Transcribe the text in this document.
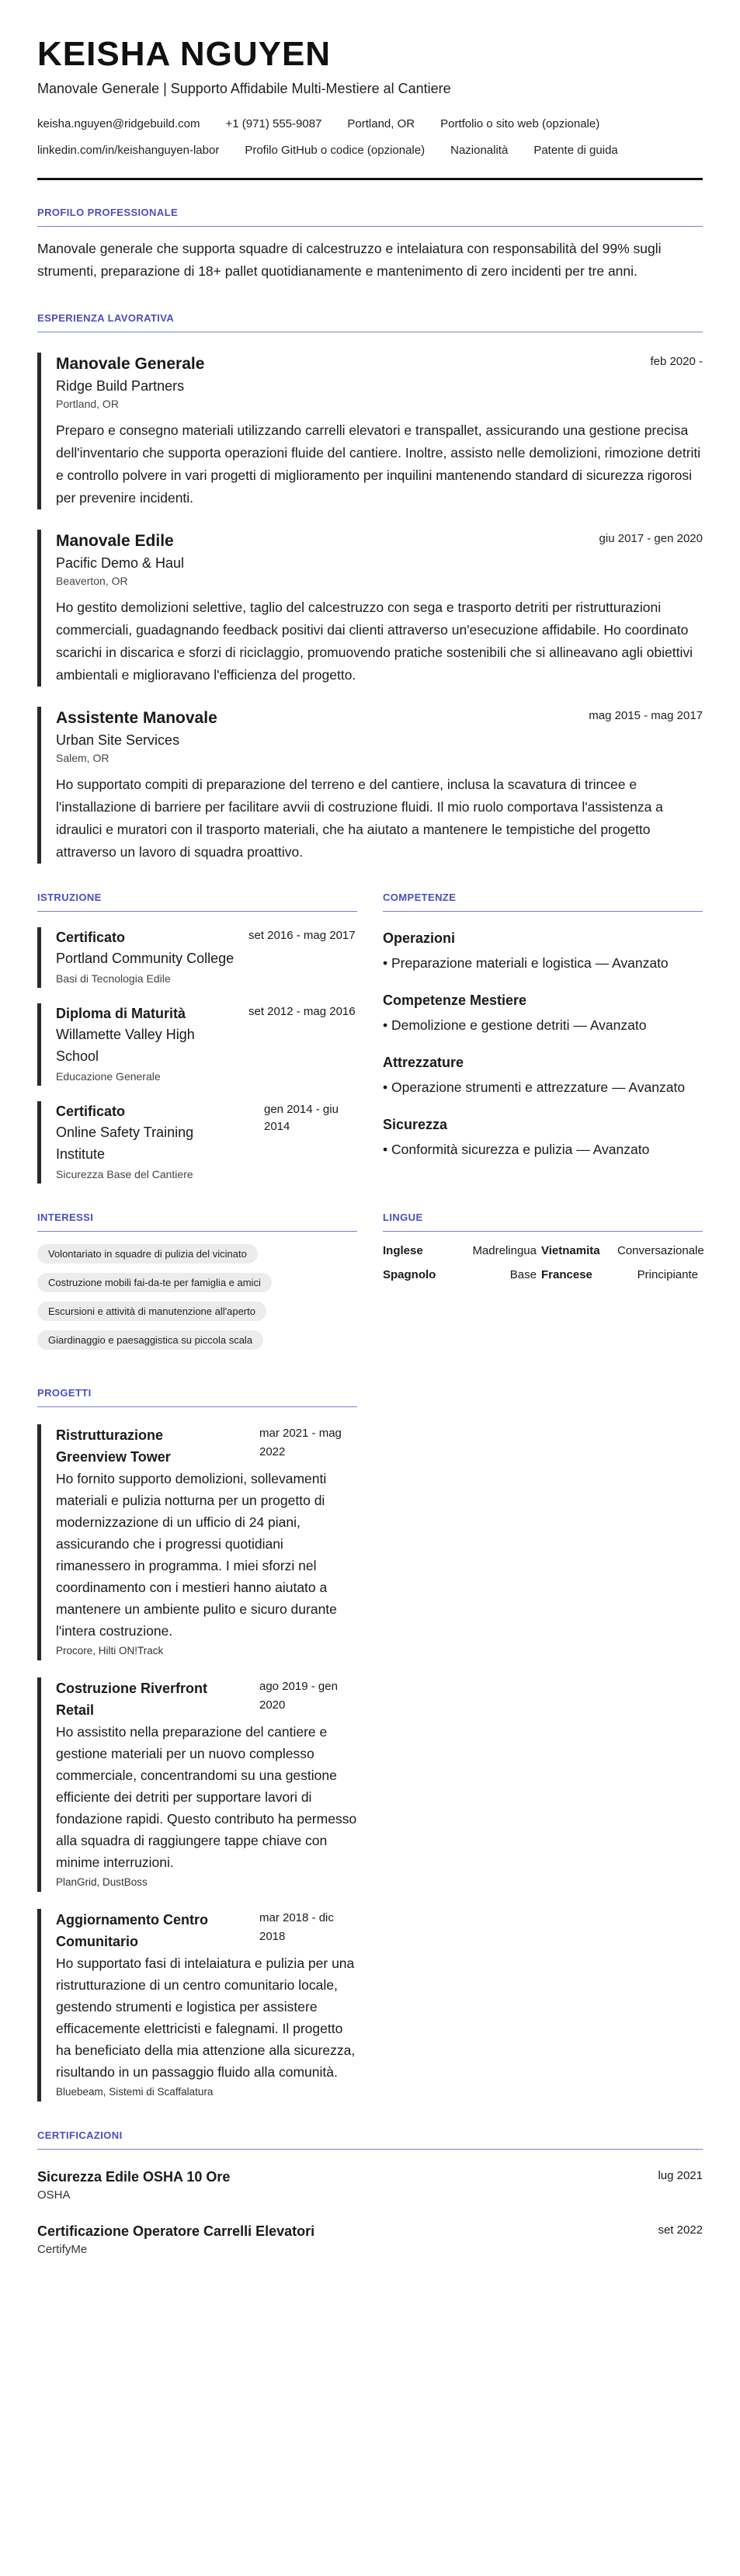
KEISHA NGUYEN
Manovale Generale | Supporto Affidabile Multi-Mestiere al Cantiere
keisha.nguyen@ridgebuild.com +1 (971) 555-9087 Portland, OR Portfolio o sito web (opzionale)
linkedin.com/in/keishanguyen-labor Profilo GitHub o codice (opzionale) Nazionalità Patente di guida
PROFILO PROFESSIONALE
Manovale generale che supporta squadre di calcestruzzo e intelaiatura con responsabilità del 99% sugli strumenti, preparazione di 18+ pallet quotidianamente e mantenimento di zero incidenti per tre anni.
ESPERIENZA LAVORATIVA
Manovale Generale	feb 2020 -
Ridge Build Partners
Portland, OR
Preparo e consegno materiali utilizzando carrelli elevatori e transpallet, assicurando una gestione precisa dell'inventario che supporta operazioni fluide del cantiere. Inoltre, assisto nelle demolizioni, rimozione detriti e controllo polvere in vari progetti di miglioramento per inquilini mantenendo standard di sicurezza rigorosi per prevenire incidenti.
Manovale Edile	giu 2017 - gen 2020
Pacific Demo & Haul
Beaverton, OR
Ho gestito demolizioni selettive, taglio del calcestruzzo con sega e trasporto detriti per ristrutturazioni commerciali, guadagnando feedback positivi dai clienti attraverso un'esecuzione affidabile. Ho coordinato scarichi in discarica e sforzi di riciclaggio, promuovendo pratiche sostenibili che si allineavano agli obiettivi ambientali e miglioravano l'efficienza del progetto.
Assistente Manovale	mag 2015 - mag 2017
Urban Site Services
Salem, OR
Ho supportato compiti di preparazione del terreno e del cantiere, inclusa la scavatura di trincee e l'installazione di barriere per facilitare avvii di costruzione fluidi. Il mio ruolo comportava l'assistenza a idraulici e muratori con il trasporto materiali, che ha aiutato a mantenere le tempistiche del progetto attraverso un lavoro di squadra proattivo.
ISTRUZIONE
Certificato
Portland Community College
set 2016 - mag 2017
Basi di Tecnologia Edile
Diploma di Maturità
Willamette Valley High School
set 2012 - mag 2016
Educazione Generale
Certificato
Online Safety Training Institute
gen 2014 - giu 2014
Sicurezza Base del Cantiere
COMPETENZE
Operazioni
• Preparazione materiali e logistica — Avanzato
Competenze Mestiere
• Demolizione e gestione detriti — Avanzato
Attrezzature
• Operazione strumenti e attrezzature — Avanzato
Sicurezza
• Conformità sicurezza e pulizia — Avanzato
INTERESSI
Volontariato in squadre di pulizia del vicinato
Costruzione mobili fai-da-te per famiglia e amici
Escursioni e attività di manutenzione all'aperto
Giardinaggio e paesaggistica su piccola scala
LINGUE
Inglese	Madrelingua Vietnamita	Conversazionale
Spagnolo	Base Francese	Principiante
PROGETTI
Ristrutturazione Greenview Tower
mar 2021 - mag 2022
Ho fornito supporto demolizioni, sollevamenti materiali e pulizia notturna per un progetto di modernizzazione di un ufficio di 24 piani, assicurando che i progressi quotidiani rimanessero in programma. I miei sforzi nel coordinamento con i mestieri hanno aiutato a mantenere un ambiente pulito e sicuro durante l'intera costruzione.
Procore, Hilti ON!Track
Costruzione Riverfront Retail
ago 2019 - gen 2020
Ho assistito nella preparazione del cantiere e gestione materiali per un nuovo complesso commerciale, concentrandomi su una gestione efficiente dei detriti per supportare lavori di fondazione rapidi. Questo contributo ha permesso alla squadra di raggiungere tappe chiave con minime interruzioni.
PlanGrid, DustBoss
Aggiornamento Centro Comunitario
mar 2018 - dic 2018
Ho supportato fasi di intelaiatura e pulizia per una ristrutturazione di un centro comunitario locale, gestendo strumenti e logistica per assistere efficacemente elettricisti e falegnami. Il progetto ha beneficiato della mia attenzione alla sicurezza, risultando in un passaggio fluido alla comunità.
Bluebeam, Sistemi di Scaffalatura
CERTIFICAZIONI
Sicurezza Edile OSHA 10 Ore
OSHA
lug 2021
Certificazione Operatore Carrelli Elevatori
CertifyMe
set 2022
